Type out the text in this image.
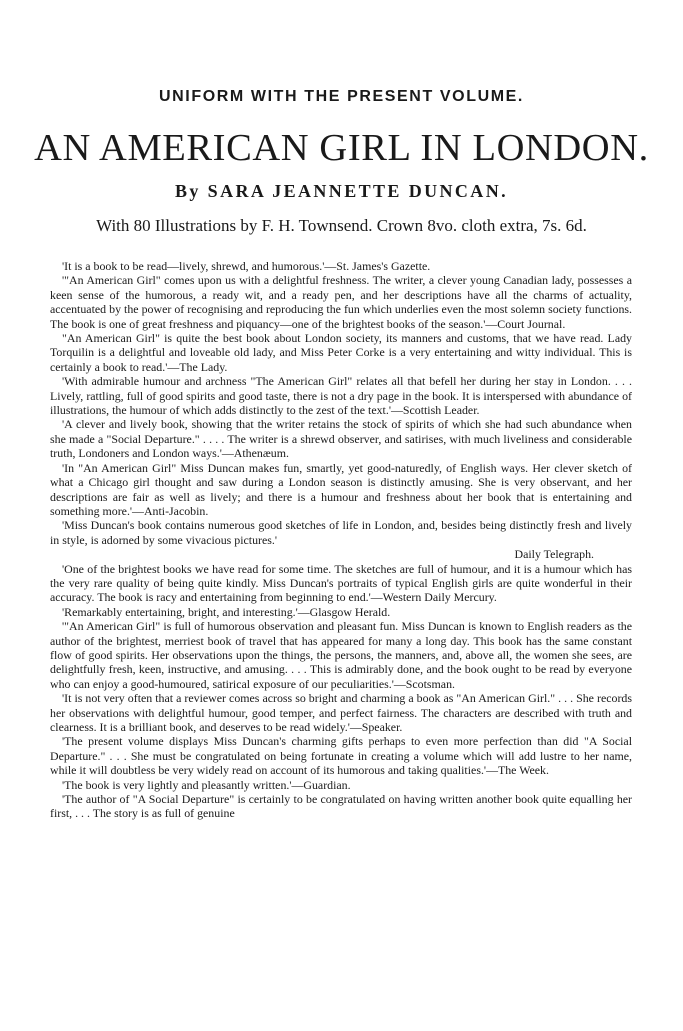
UNIFORM WITH THE PRESENT VOLUME.
AN AMERICAN GIRL IN LONDON.
By SARA JEANNETTE DUNCAN.
With 80 Illustrations by F. H. Townsend. Crown 8vo. cloth extra, 7s. 6d.

'It is a book to be read—lively, shrewd, and humorous.'—St. James's Gazette.

'"An American Girl" comes upon us with a delightful freshness. The writer, a clever young Canadian lady, possesses a keen sense of the humorous, a ready wit, and a ready pen, and her descriptions have all the charms of actuality, accentuated by the power of recognising and reproducing the fun which underlies even the most solemn society functions. The book is one of great freshness and piquancy—one of the brightest books of the season.'—Court Journal.

"An American Girl" is quite the best book about London society, its manners and customs, that we have read. Lady Torquilin is a delightful and loveable old lady, and Miss Peter Corke is a very entertaining and witty individual. This is certainly a book to read.'—The Lady.

'With admirable humour and archness "The American Girl" relates all that befell her during her stay in London. . . . Lively, rattling, full of good spirits and good taste, there is not a dry page in the book. It is interspersed with abundance of illustrations, the humour of which adds distinctly to the zest of the text.'—Scottish Leader.

'A clever and lively book, showing that the writer retains the stock of spirits of which she had such abundance when she made a "Social Departure." . . . . The writer is a shrewd observer, and satirises, with much liveliness and considerable truth, Londoners and London ways.'—Athenæum.

'In "An American Girl" Miss Duncan makes fun, smartly, yet good-naturedly, of English ways. Her clever sketch of what a Chicago girl thought and saw during a London season is distinctly amusing. She is very observant, and her descriptions are fair as well as lively; and there is a humour and freshness about her book that is entertaining and something more.'—Anti-Jacobin.

'Miss Duncan's book contains numerous good sketches of life in London, and, besides being distinctly fresh and lively in style, is adorned by some vivacious pictures.'

Daily Telegraph.

'One of the brightest books we have read for some time. The sketches are full of humour, and it is a humour which has the very rare quality of being quite kindly. Miss Duncan's portraits of typical English girls are quite wonderful in their accuracy. The book is racy and entertaining from beginning to end.'—Western Daily Mercury.

'Remarkably entertaining, bright, and interesting.'—Glasgow Herald.

'"An American Girl" is full of humorous observation and pleasant fun. Miss Duncan is known to English readers as the author of the brightest, merriest book of travel that has appeared for many a long day. This book has the same constant flow of good spirits. Her observations upon the things, the persons, the manners, and, above all, the women she sees, are delightfully fresh, keen, instructive, and amusing. . . . This is admirably done, and the book ought to be read by everyone who can enjoy a good-humoured, satirical exposure of our peculiarities.'—Scotsman.

'It is not very often that a reviewer comes across so bright and charming a book as "An American Girl." . . . She records her observations with delightful humour, good temper, and perfect fairness. The characters are described with truth and clearness. It is a brilliant book, and deserves to be read widely.'—Speaker.

'The present volume displays Miss Duncan's charming gifts perhaps to even more perfection than did "A Social Departure." . . . She must be congratulated on being fortunate in creating a volume which will add lustre to her name, while it will doubtless be very widely read on account of its humorous and taking qualities.'—The Week.

'The book is very lightly and pleasantly written.'—Guardian.

'The author of "A Social Departure" is certainly to be congratulated on having written another book quite equalling her first, . . . The story is as full of genuine
